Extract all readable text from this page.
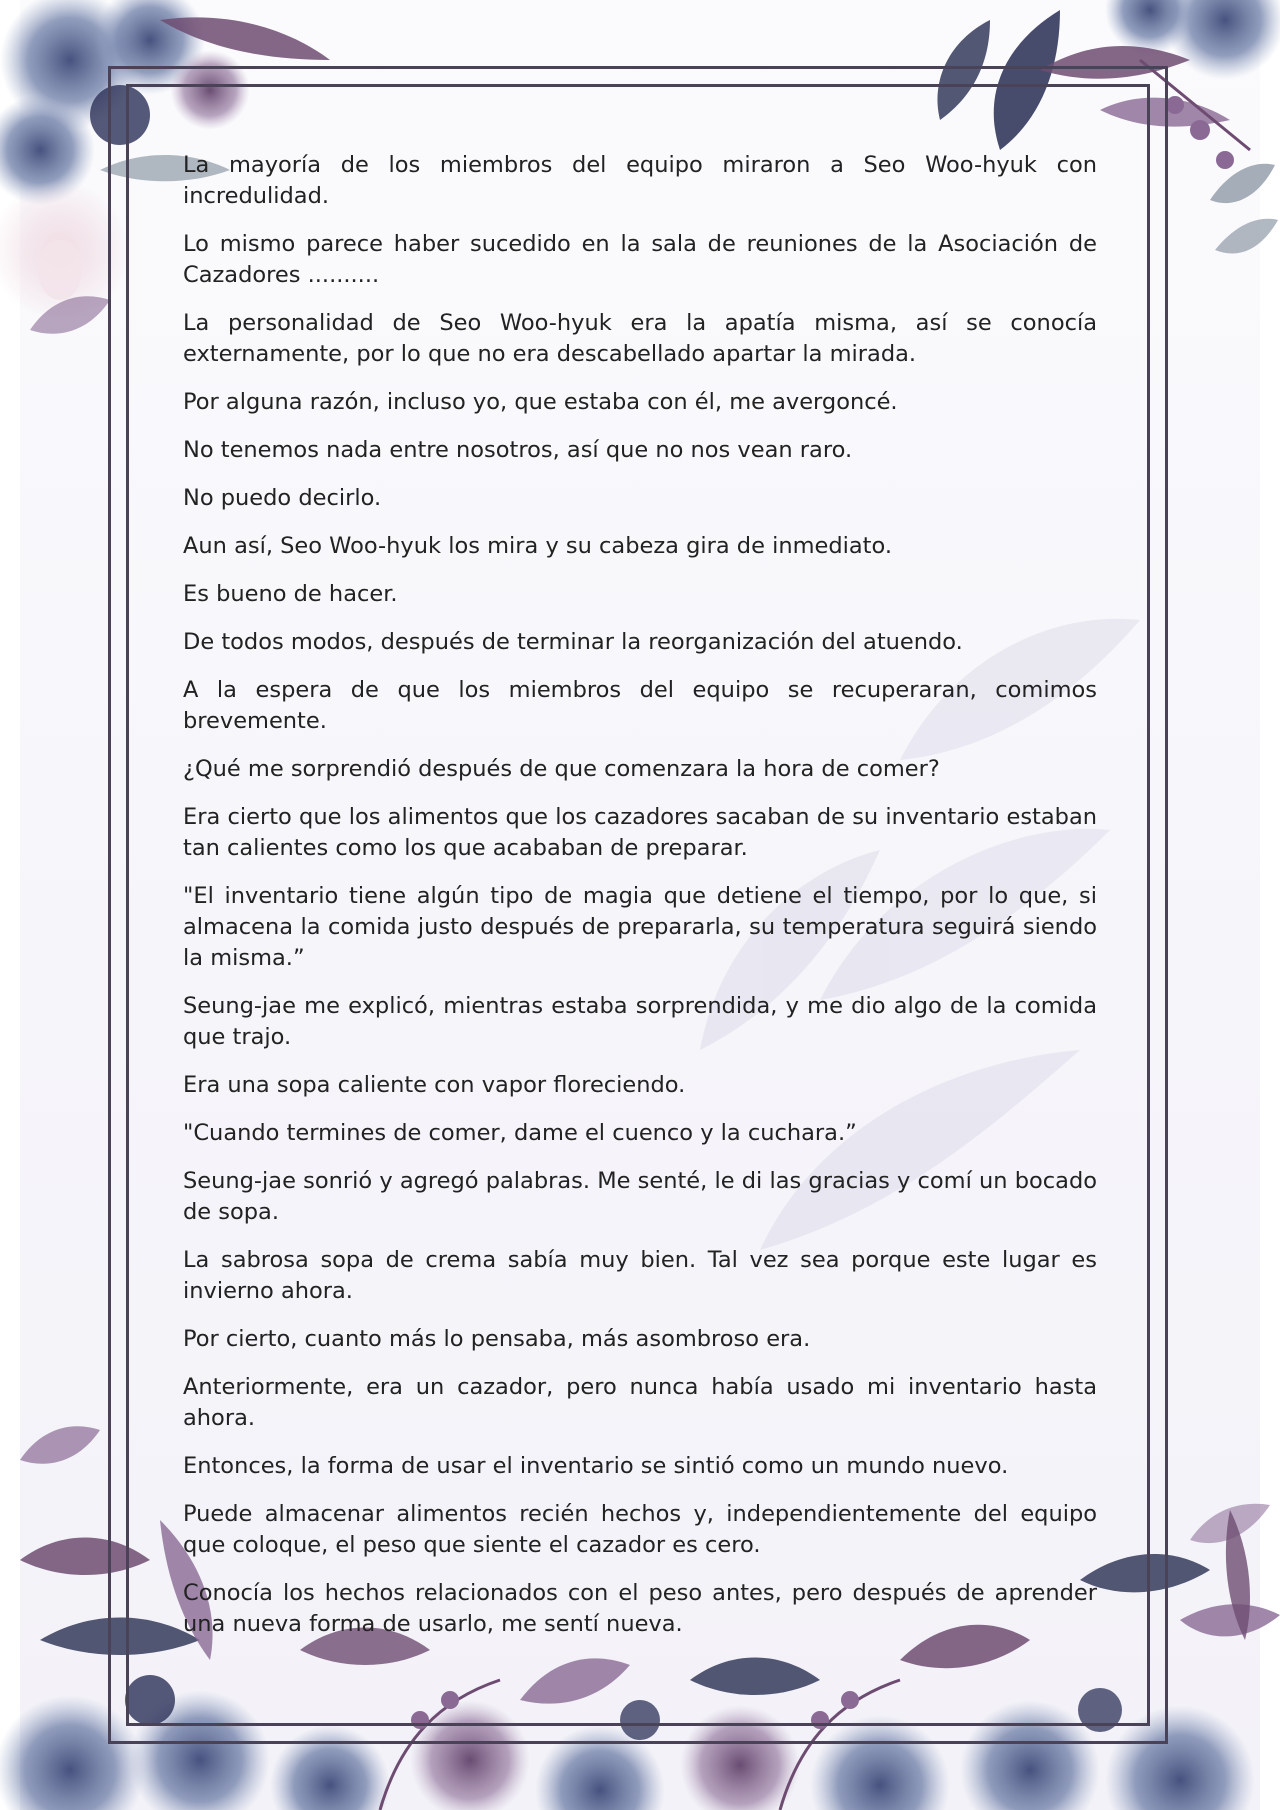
La mayoría de los miembros del equipo miraron a Seo Woo-hyuk con incredulidad.

Lo mismo parece haber sucedido en la sala de reuniones de la Asociación de Cazadores ..........

La personalidad de Seo Woo-hyuk era la apatía misma, así se conocía externamente, por lo que no era descabellado apartar la mirada.

Por alguna razón, incluso yo, que estaba con él, me avergoncé.

No tenemos nada entre nosotros, así que no nos vean raro.

No puedo decirlo.

Aun así, Seo Woo-hyuk los mira y su cabeza gira de inmediato.

Es bueno de hacer.

De todos modos, después de terminar la reorganización del atuendo.

A la espera de que los miembros del equipo se recuperaran, comimos brevemente.

¿Qué me sorprendió después de que comenzara la hora de comer?

Era cierto que los alimentos que los cazadores sacaban de su inventario estaban tan calientes como los que acababan de preparar.

"El inventario tiene algún tipo de magia que detiene el tiempo, por lo que, si almacena la comida justo después de prepararla, su temperatura seguirá siendo la misma.”

Seung-jae me explicó, mientras estaba sorprendida, y me dio algo de la comida que trajo.

Era una sopa caliente con vapor floreciendo.

"Cuando termines de comer, dame el cuenco y la cuchara.”

Seung-jae sonrió y agregó palabras. Me senté, le di las gracias y comí un bocado de sopa.

La sabrosa sopa de crema sabía muy bien. Tal vez sea porque este lugar es invierno ahora.

Por cierto, cuanto más lo pensaba, más asombroso era.

Anteriormente, era un cazador, pero nunca había usado mi inventario hasta ahora.

Entonces, la forma de usar el inventario se sintió como un mundo nuevo.

Puede almacenar alimentos recién hechos y, independientemente del equipo que coloque, el peso que siente el cazador es cero.

Conocía los hechos relacionados con el peso antes, pero después de aprender una nueva forma de usarlo, me sentí nueva.
